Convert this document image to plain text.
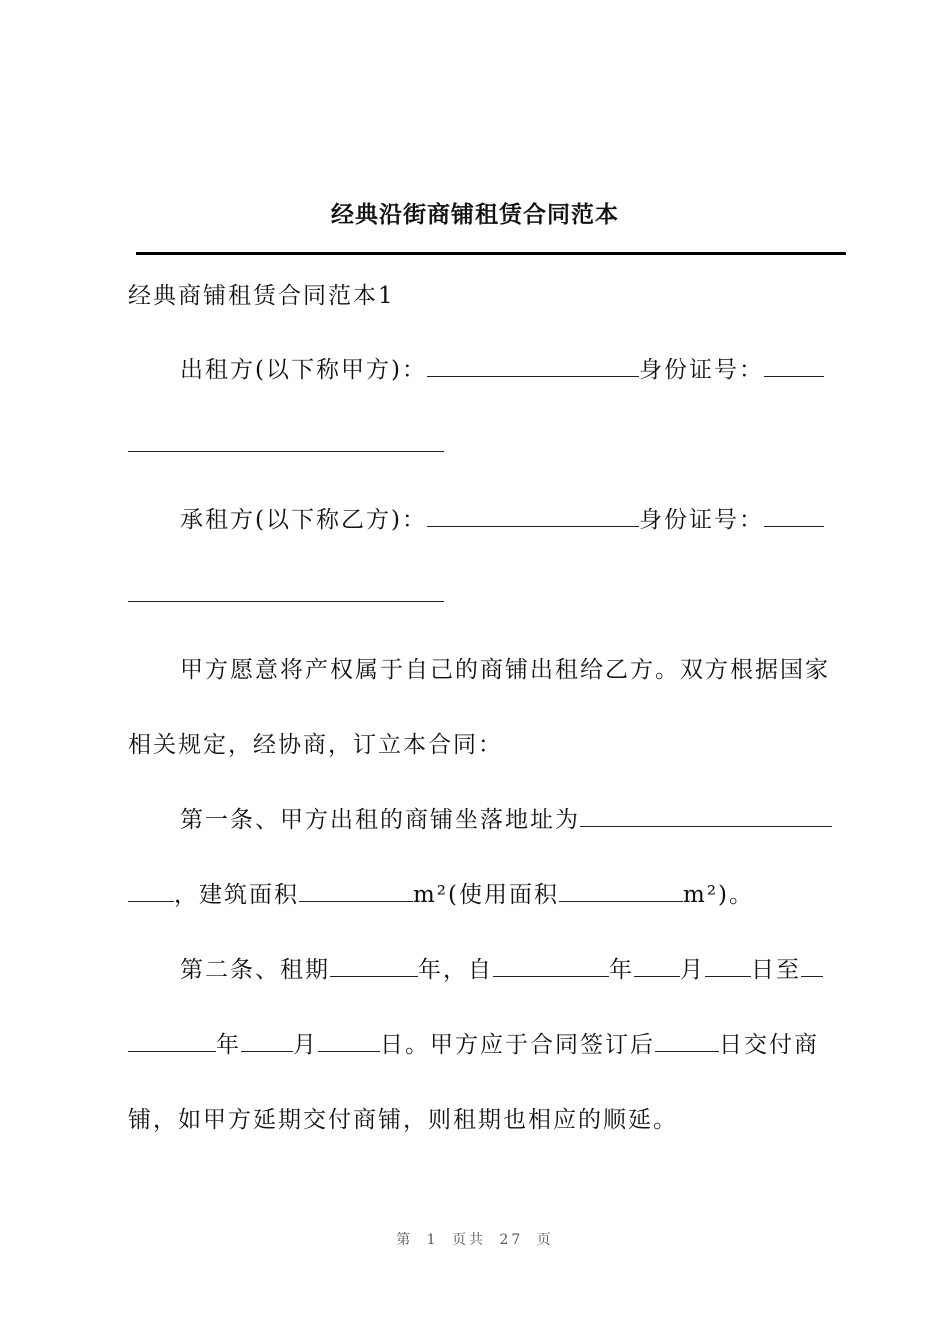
经典沿街商铺租赁合同范本
经典商铺租赁合同范本1
出租方(以下称甲方)：	身份证号：
承租方(以下称乙方)：	身份证号：
甲方愿意将产权属于自己的商铺出租给乙方。双方根据国家
相关规定，经协商，订立本合同：
第一条、甲方出租的商铺坐落地址为
，建筑面积	m²(使用面积	m²)。
第二条、租期	年，自	年 月 日至
年 月	日。甲方应于合同签订后	日交付商
铺，如甲方延期交付商铺，则租期也相应的顺延。
第 1 页共 27 页
